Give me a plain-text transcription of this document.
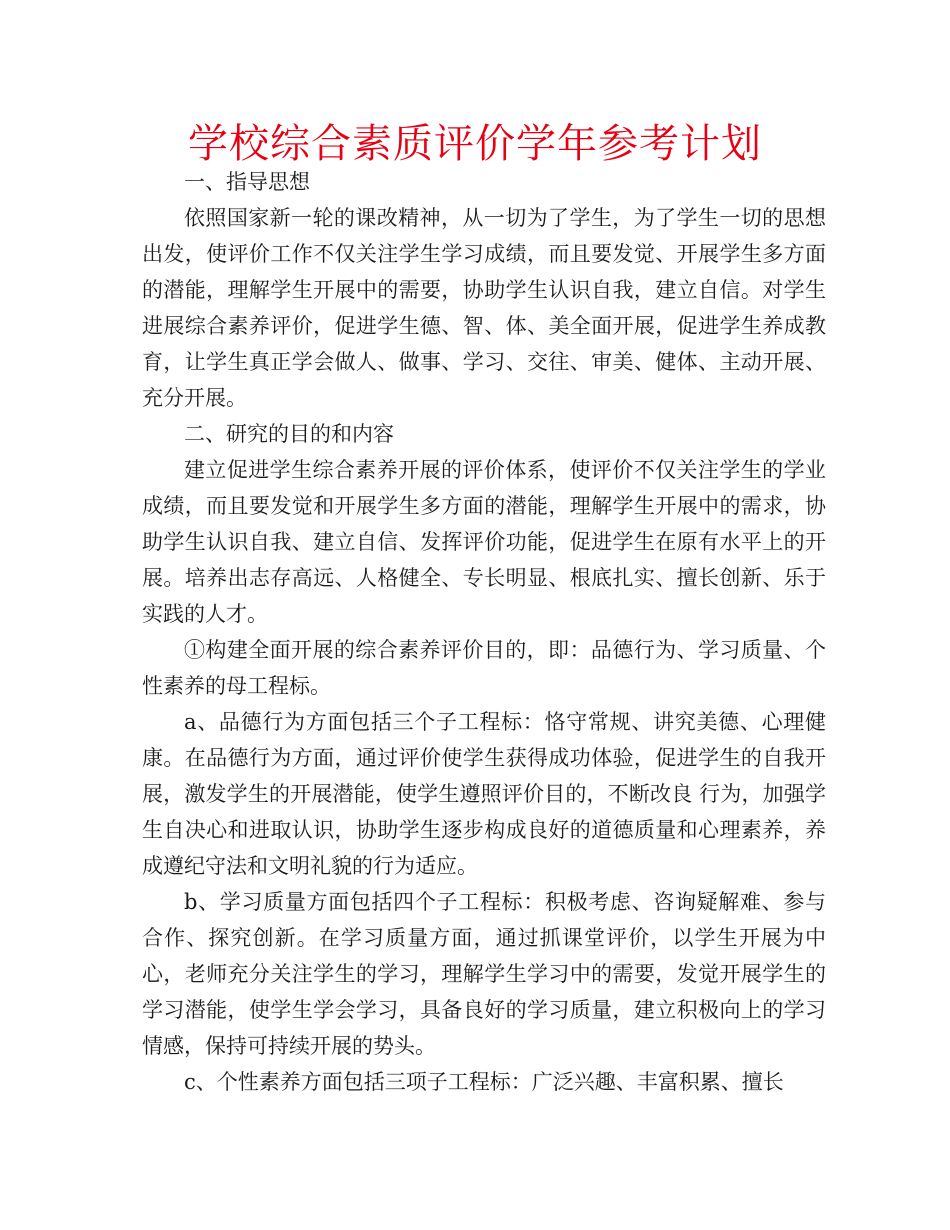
学校综合素质评价学年参考计划

一、指导思想

依照国家新一轮的课改精神，从一切为了学生，为了学生一切的思想出发，使评价工作不仅关注学生学习成绩，而且要发觉、开展学生多方面的潜能，理解学生开展中的需要，协助学生认识自我，建立自信。对学生进展综合素养评价，促进学生德、智、体、美全面开展，促进学生养成教育，让学生真正学会做人、做事、学习、交往、审美、健体、主动开展、充分开展。

二、研究的目的和内容

建立促进学生综合素养开展的评价体系，使评价不仅关注学生的学业成绩，而且要发觉和开展学生多方面的潜能，理解学生开展中的需求，协助学生认识自我、建立自信、发挥评价功能，促进学生在原有水平上的开展。培养出志存高远、人格健全、专长明显、根底扎实、擅长创新、乐于实践的人才。

①构建全面开展的综合素养评价目的，即：品德行为、学习质量、个性素养的母工程标。

a、品德行为方面包括三个子工程标：恪守常规、讲究美德、心理健康。在品德行为方面，通过评价使学生获得成功体验，促进学生的自我开展，激发学生的开展潜能，使学生遵照评价目的，不断改良 行为，加强学生自决心和进取认识，协助学生逐步构成良好的道德质量和心理素养，养成遵纪守法和文明礼貌的行为适应。

b、学习质量方面包括四个子工程标：积极考虑、咨询疑解难、参与合作、探究创新。在学习质量方面，通过抓课堂评价，以学生开展为中心，老师充分关注学生的学习，理解学生学习中的需要，发觉开展学生的学习潜能，使学生学会学习，具备良好的学习质量，建立积极向上的学习情感，保持可持续开展的势头。

c、个性素养方面包括三项子工程标：广泛兴趣、丰富积累、擅长
